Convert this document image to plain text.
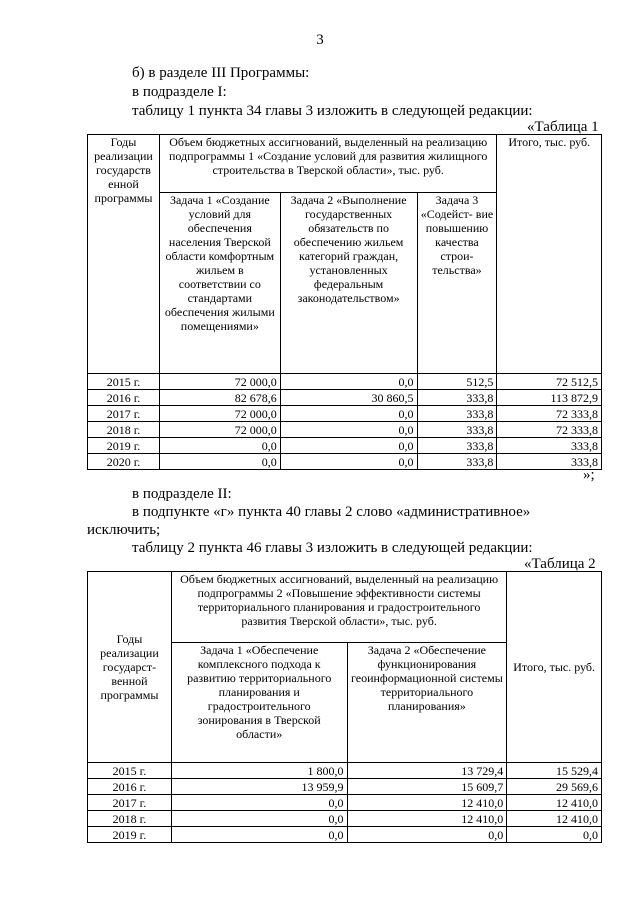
3
б) в разделе III Программы:
в подразделе I:
таблицу 1 пункта 34 главы 3 изложить в следующей редакции:
«Таблица 1
Годы реализации государств енной программы	Объем бюджетных ассигнований, выделенный на реализацию подпрограммы 1 «Создание условий для развития жилищного строительства в Тверской области», тыс. руб.			Итого, тыс. руб.
	Задача 1 «Создание условий для обеспечения населения Тверской области комфортным жильем в соответствии со стандартами обеспечения жилыми помещениями»	Задача 2 «Выполнение государственных обязательств по обеспечению жильем категорий граждан, установленных федеральным законодательством»	Задача 3 «Содейст- вие повышению качества строи- тельства»	
2015 г.	72 000,0	0,0	512,5	72 512,5
2016 г.	82 678,6	30 860,5	333,8	113 872,9
2017 г.	72 000,0	0,0	333,8	72 333,8
2018 г.	72 000,0	0,0	333,8	72 333,8
2019 г.	0,0	0,0	333,8	333,8
2020 г.	0,0	0,0	333,8	333,8
»;
в подразделе II:
в подпункте «г» пункта 40 главы 2 слово «административное»
исключить;
таблицу 2 пункта 46 главы 3 изложить в следующей редакции:
«Таблица 2
Годы реализации государст- венной программы	Объем бюджетных ассигнований, выделенный на реализацию подпрограммы 2 «Повышение эффективности системы территориального планирования и градостроительного развития Тверской области», тыс. руб.		Итого, тыс. руб.
	Задача 1 «Обеспечение комплексного подхода к развитию территориального планирования и градостроительного зонирования в Тверской области»	Задача 2 «Обеспечение функционирования геоинформационной системы территориального планирования»	
2015 г.	1 800,0	13 729,4	15 529,4
2016 г.	13 959,9	15 609,7	29 569,6
2017 г.	0,0	12 410,0	12 410,0
2018 г.	0,0	12 410,0	12 410,0
2019 г.	0,0	0,0	0,0
